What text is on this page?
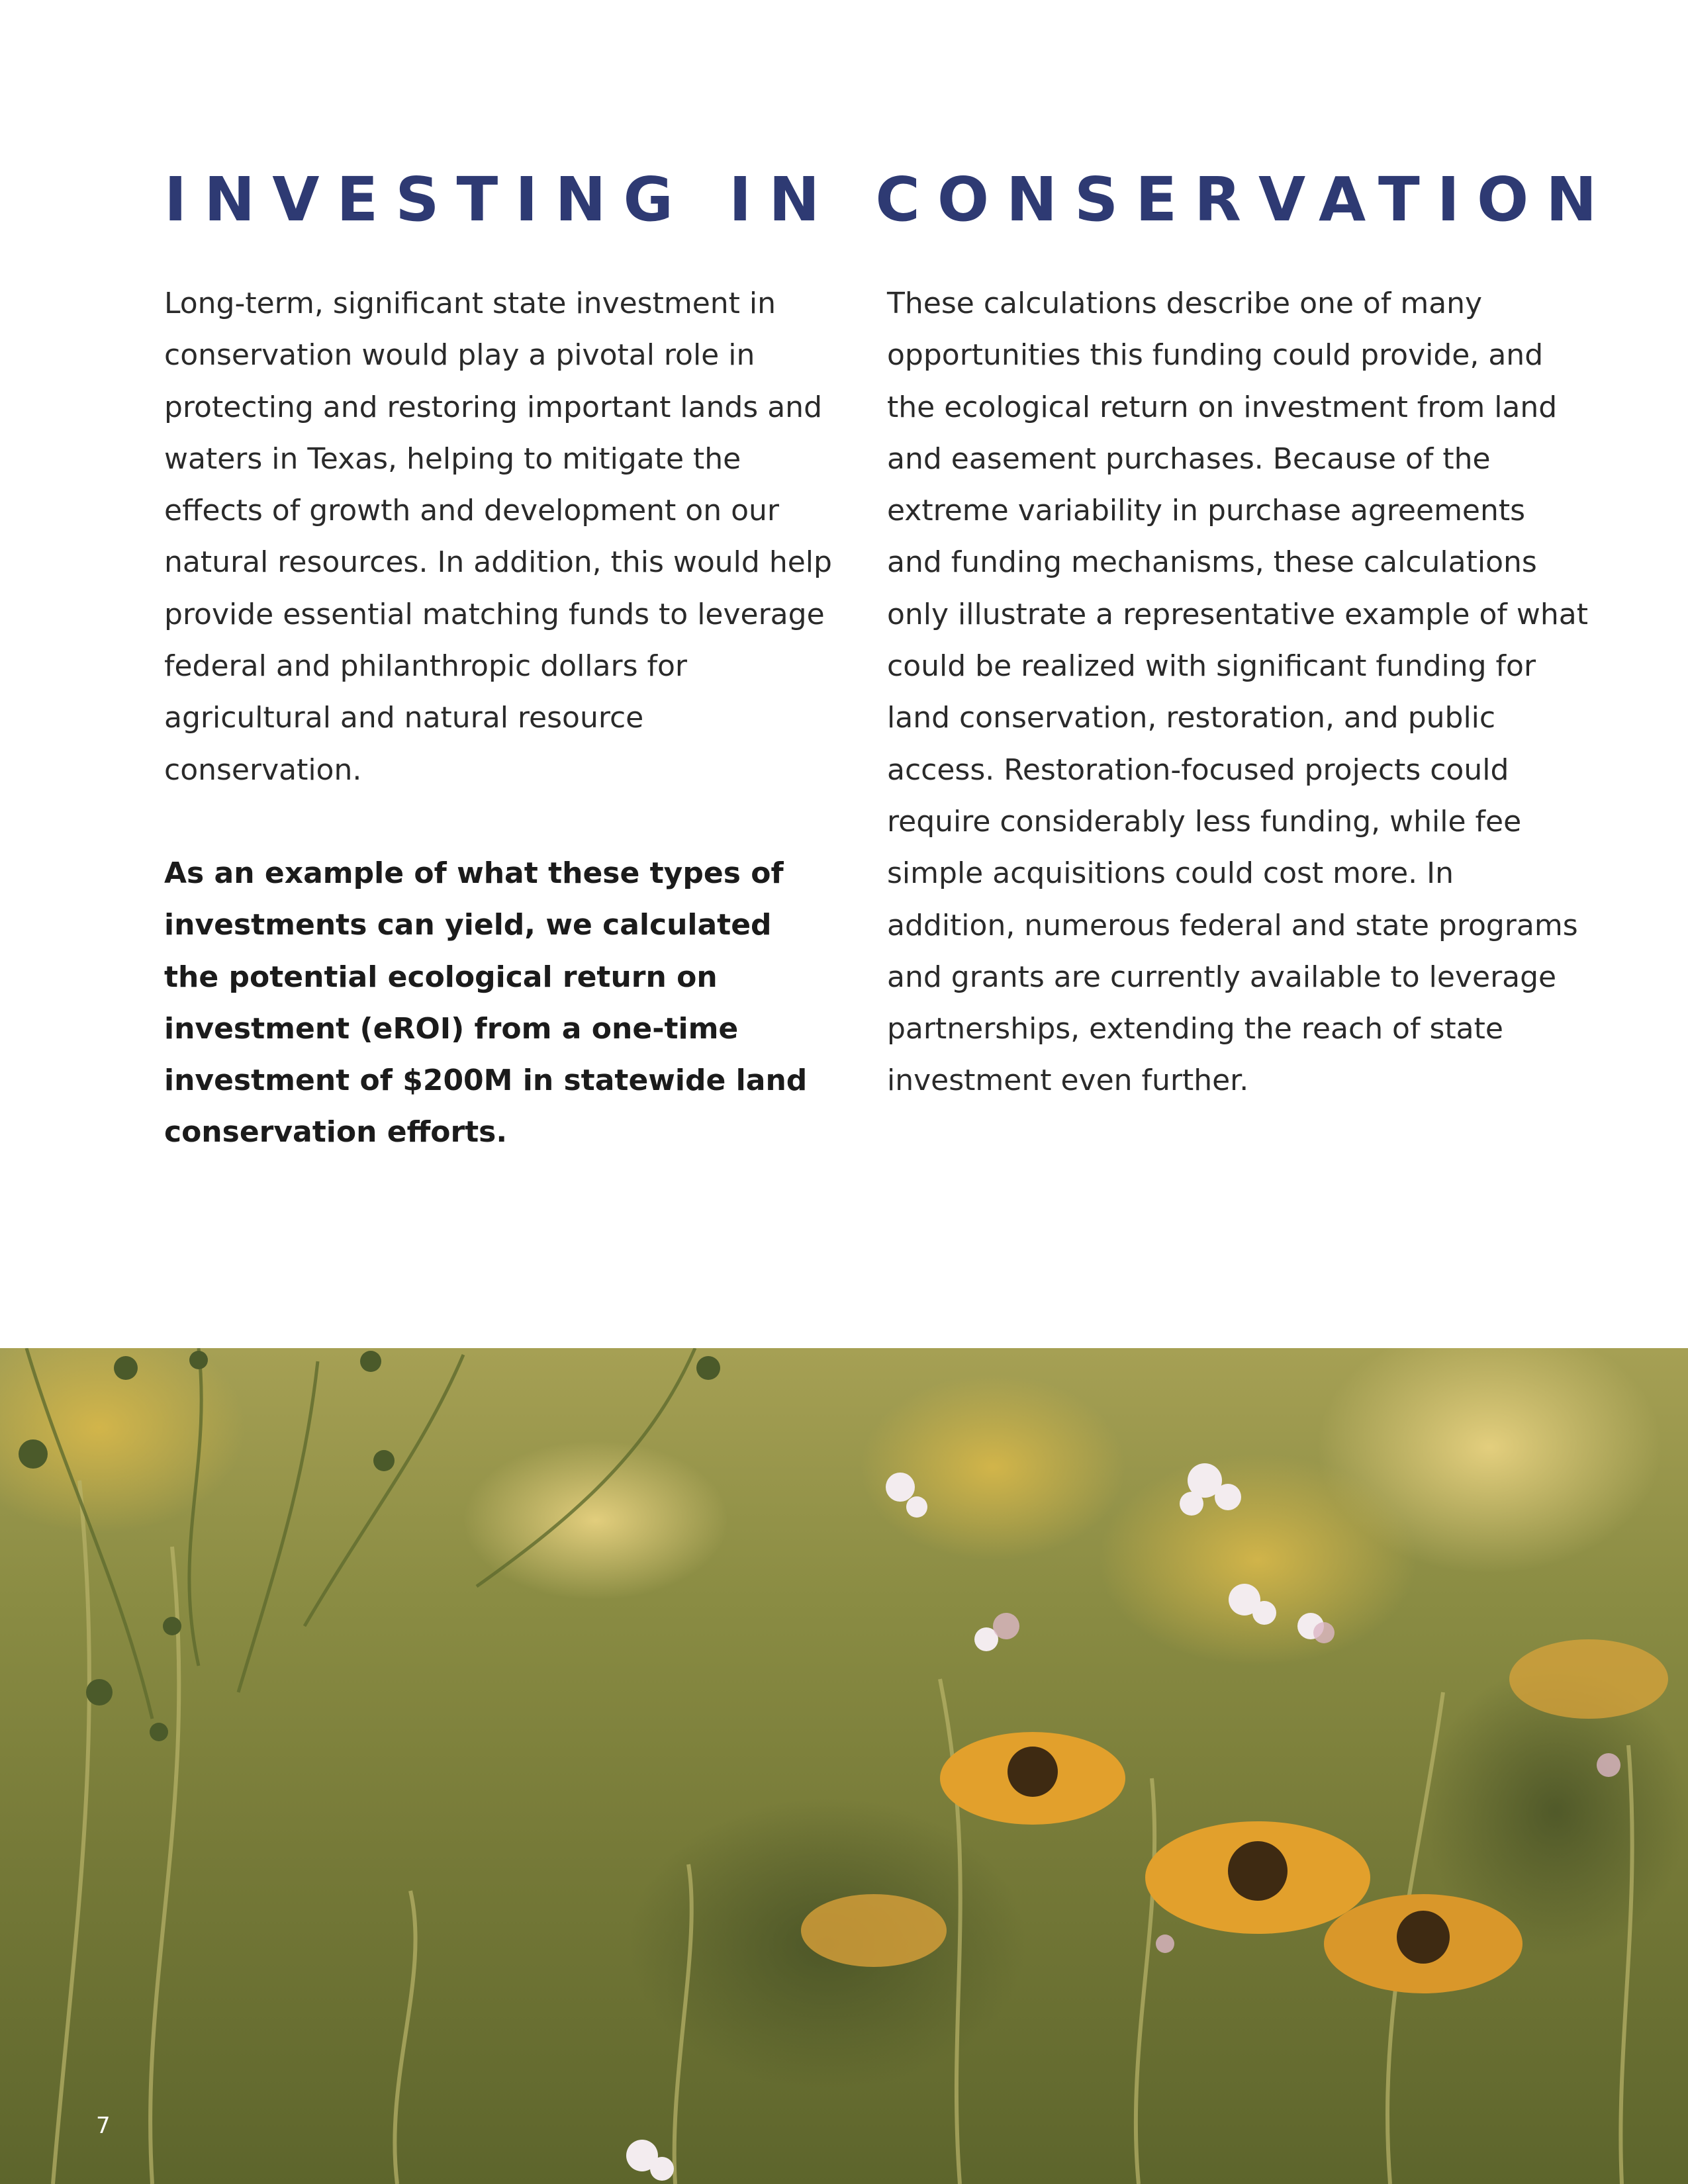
INVESTING IN CONSERVATION

Long-term, significant state investment in conservation would play a pivotal role in protecting and restoring important lands and waters in Texas, helping to mitigate the effects of growth and development on our natural resources. In addition, this would help provide essential matching funds to leverage federal and philanthropic dollars for agricultural and natural resource conservation.

As an example of what these types of investments can yield, we calculated the potential ecological return on investment (eROI) from a one-time investment of $200M in statewide land conservation efforts.

These calculations describe one of many opportunities this funding could provide, and the ecological return on investment from land and easement purchases. Because of the extreme variability in purchase agreements and funding mechanisms, these calculations only illustrate a representative example of what could be realized with significant funding for land conservation, restoration, and public access. Restoration-focused projects could require considerably less funding, while fee simple acquisitions could cost more. In addition, numerous federal and state programs and grants are currently available to leverage partnerships, extending the reach of state investment even further.

7
